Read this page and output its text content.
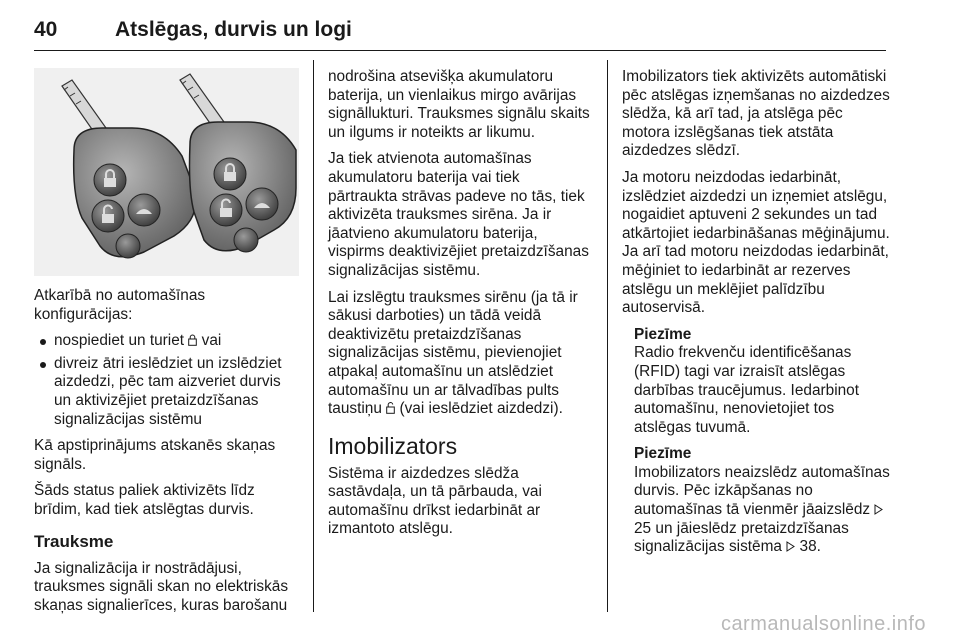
40	Atslēgas, durvis un logi

Atkarībā no automašīnas konfigurācijas:

nospiediet un turiet vai
divreiz ātri ieslēdziet un izslēdziet aizdedzi, pēc tam aizveriet durvis un aktivizējiet pretaizdzīšanas signalizācijas sistēmu

Kā apstiprinājums atskanēs skaņas signāls.

Šāds status paliek aktivizēts līdz brīdim, kad tiek atslēgtas durvis.

Trauksme

Ja signalizācija ir nostrādājusi, trauksmes signāli skan no elektriskās skaņas signalierīces, kuras barošanu

nodrošina atsevišķa akumulatoru baterija, un vienlaikus mirgo avārijas signāllukturi. Trauksmes signālu skaits un ilgums ir noteikts ar likumu.

Ja tiek atvienota automašīnas akumulatoru baterija vai tiek pārtraukta strāvas padeve no tās, tiek aktivizēta trauksmes sirēna. Ja ir jāatvieno akumulatoru baterija, vispirms deaktivizējiet pretaizdzīšanas signalizācijas sistēmu.

Lai izslēgtu trauksmes sirēnu (ja tā ir sākusi darboties) un tādā veidā deaktivizētu pretaizdzīšanas signalizācijas sistēmu, pievienojiet atpakaļ automašīnu un atslēdziet automašīnu un ar tālvadības pults taustiņu (vai ieslēdziet aizdedzi).

Imobilizators

Sistēma ir aizdedzes slēdža sastāvdaļa, un tā pārbauda, vai automašīnu drīkst iedarbināt ar izmantoto atslēgu.

Imobilizators tiek aktivizēts automātiski pēc atslēgas izņemšanas no aizdedzes slēdža, kā arī tad, ja atslēga pēc motora izslēgšanas tiek atstāta aizdedzes slēdzī.

Ja motoru neizdodas iedarbināt, izslēdziet aizdedzi un izņemiet atslēgu, nogaidiet aptuveni 2 sekundes un tad atkārtojiet iedarbināšanas mēģinājumu. Ja arī tad motoru neizdodas iedarbināt, mēģiniet to iedarbināt ar rezerves atslēgu un meklējiet palīdzību autoservisā.

Piezīme

Radio frekvenču identificēšanas (RFID) tagi var izraisīt atslēgas darbības traucējumus. Iedarbinot automašīnu, nenovietojiet tos atslēgas tuvumā.

Piezīme

Imobilizators neaizslēdz automašīnas durvis. Pēc izkāpšanas no automašīnas tā vienmēr jāaizslēdz  25 un jāieslēdz pretaizdzīšanas signalizācijas sistēma 38.

carmanualsonline.info
